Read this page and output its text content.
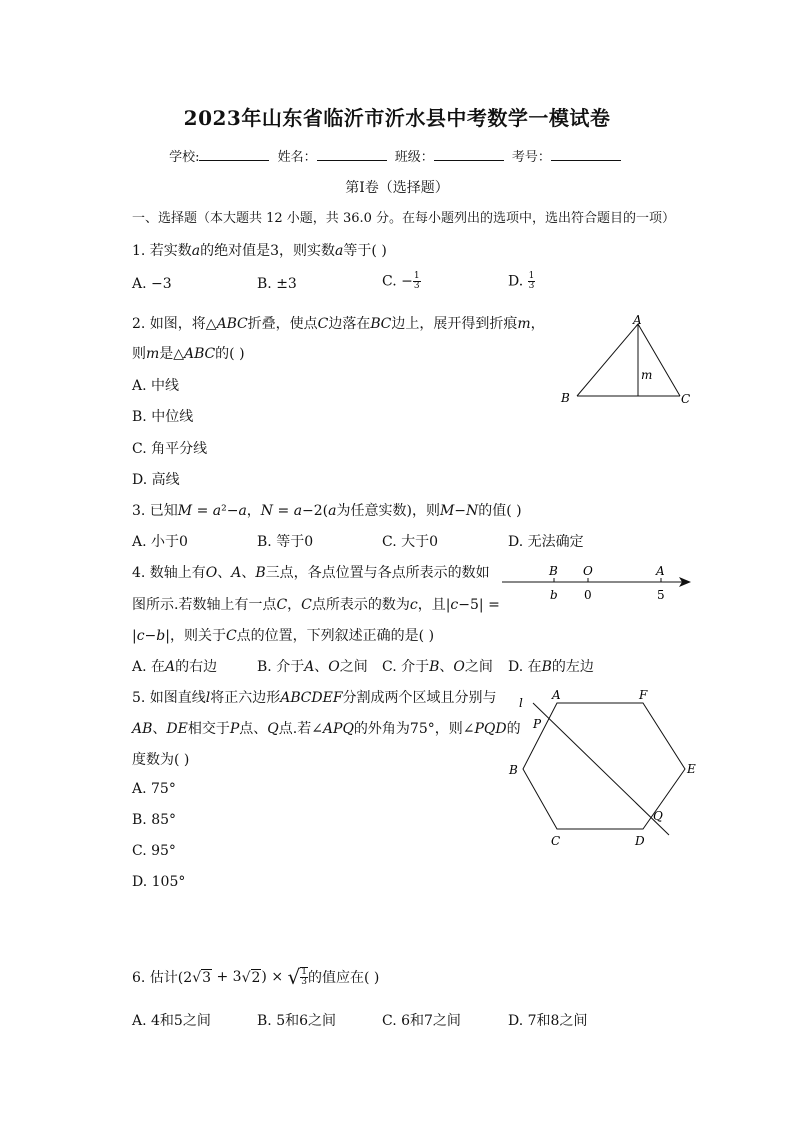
2023年山东省临沂市沂水县中考数学一模试卷
学校:	姓名：	班级：	考号：
第Ⅰ卷（选择题）
一、选择题（本大题共 12 小题，共 36.0 分。在每小题列出的选项中，选出符合题目的一项）
1. 若实数𝑎的绝对值是3，则实数𝑎等于( )
A. −3	B. ±3	C. − $\frac{1}{3}$	D. $\frac{1}{3}$
2. 如图，将△𝐴𝐵𝐶折叠，使点𝐶边落在𝐵𝐶边上，展开得到折痕𝑚，
则𝑚是△𝐴𝐵𝐶的( )
A. 中线
B. 中位线
C. 角平分线
D. 高线
A
B	C
m
3. 已知𝑀 = 𝑎²−𝑎，𝑁 = 𝑎−2(𝑎为任意实数)，则𝑀−𝑁的值( )
A. 小于0	B. 等于0	C. 大于0	D. 无法确定
4. 数轴上有𝑂、𝐴、𝐵三点，各点位置与各点所表示的数如
图所示.若数轴上有一点𝐶，𝐶点所表示的数为𝑐，且|𝑐−5| =
|𝑐−𝑏|，则关于𝐶点的位置，下列叙述正确的是( )
A. 在𝐴的右边	B. 介于𝐴、𝑂之间 C. 介于𝐵、𝑂之间 D. 在𝐵的左边
B O	A
b 0	5
5. 如图直线𝑙将正六边形𝐴𝐵𝐶𝐷𝐸𝐹分割成两个区域且分别与
𝐴𝐵、𝐷𝐸相交于𝑃点、𝑄点.若∠𝐴𝑃𝑄的外角为75°，则∠𝑃𝑄𝐷的
度数为( )
A. 75°
B. 85°
C. 95°
D. 105°
l
A	F
P
B	E
Q
C	D
6. 估计(2 √ 3 + 3 √ 2 ) × √ $\frac{1}{3}$ 的值应在( )
A. 4和5之间	B. 5和6之间	C. 6和7之间	D. 7和8之间
